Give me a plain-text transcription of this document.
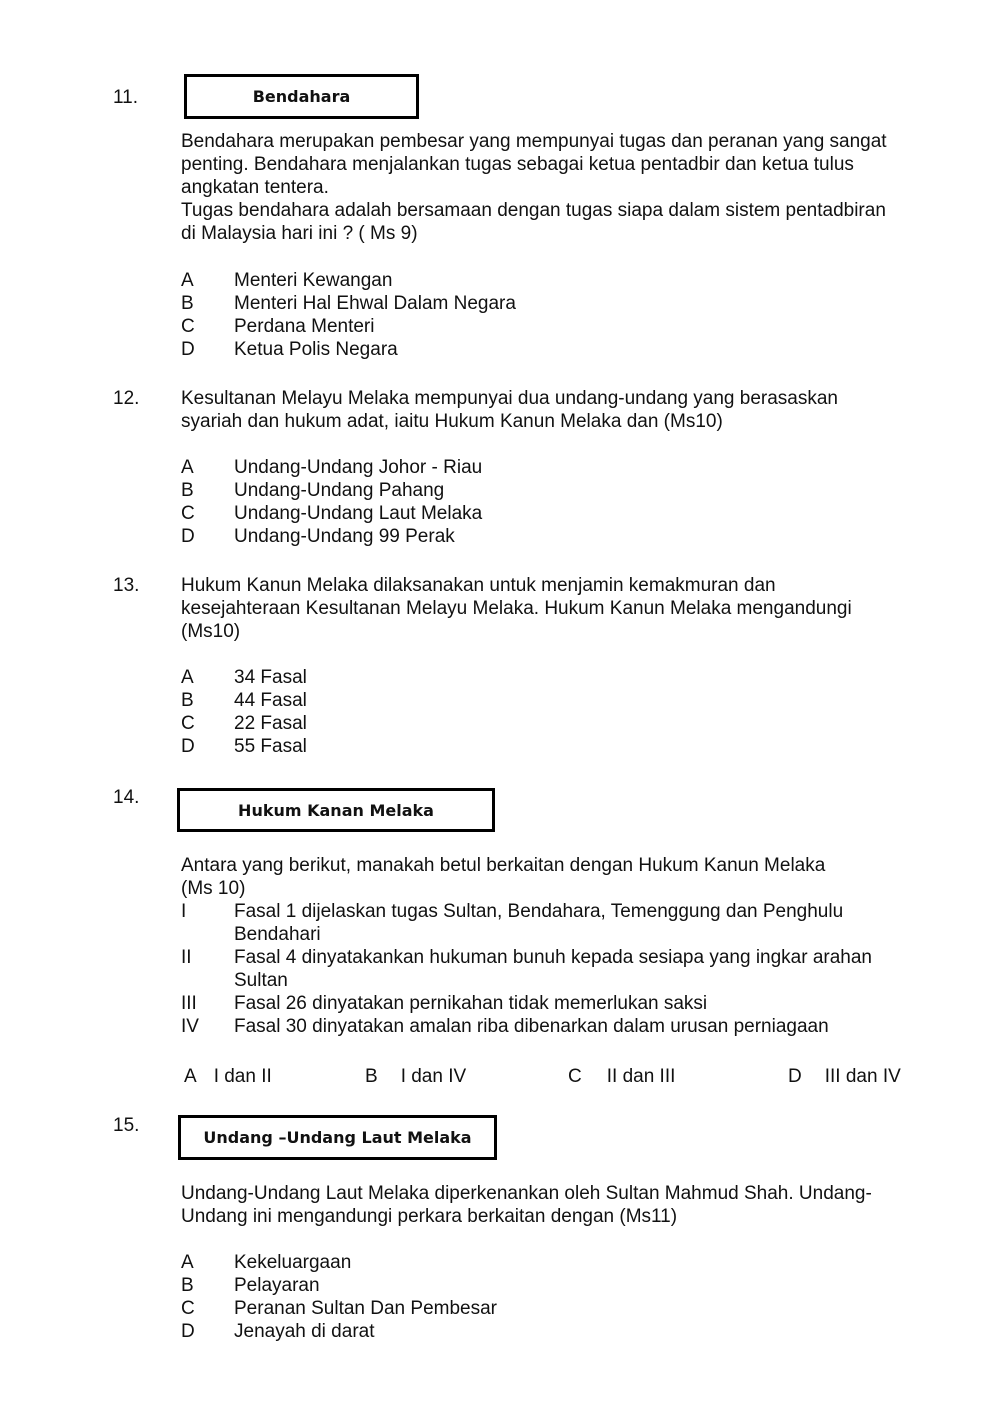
11.	Bendahara
Bendahara merupakan pembesar yang mempunyai tugas dan peranan yang sangat
penting. Bendahara menjalankan tugas sebagai ketua pentadbir dan ketua tulus
angkatan tentera.
Tugas bendahara adalah bersamaan dengan tugas siapa dalam sistem pentadbiran
di Malaysia hari ini ? ( Ms 9)
A Menteri Kewangan
B Menteri Hal Ehwal Dalam Negara
C Perdana Menteri
D Ketua Polis Negara
12. Kesultanan Melayu Melaka mempunyai dua undang-undang yang berasaskan
syariah dan hukum adat, iaitu Hukum Kanun Melaka dan (Ms10)
A Undang-Undang Johor - Riau
B Undang-Undang Pahang
C Undang-Undang Laut Melaka
D Undang-Undang 99 Perak
13. Hukum Kanun Melaka dilaksanakan untuk menjamin kemakmuran dan
kesejahteraan Kesultanan Melayu Melaka. Hukum Kanun Melaka mengandungi
(Ms10)
A 34 Fasal
B 44 Fasal
C 22 Fasal
D 55 Fasal
14.
Hukum Kanan Melaka
Antara yang berikut, manakah betul berkaitan dengan Hukum Kanun Melaka
(Ms 10)
I	Fasal 1 dijelaskan tugas Sultan, Bendahara, Temenggung dan Penghulu
Bendahari
II Fasal 4 dinyatakankan hukuman bunuh kepada sesiapa yang ingkar arahan
Sultan
III Fasal 26 dinyatakan pernikahan tidak memerlukan saksi
IV Fasal 30 dinyatakan amalan riba dibenarkan dalam urusan perniagaan
A I dan II	B I dan IV	C II dan III	D III dan IV
15.
Undang –Undang Laut Melaka
Undang-Undang Laut Melaka diperkenankan oleh Sultan Mahmud Shah. Undang-
Undang ini mengandungi perkara berkaitan dengan (Ms11)
A Kekeluargaan
B Pelayaran
C Peranan Sultan Dan Pembesar
D Jenayah di darat
